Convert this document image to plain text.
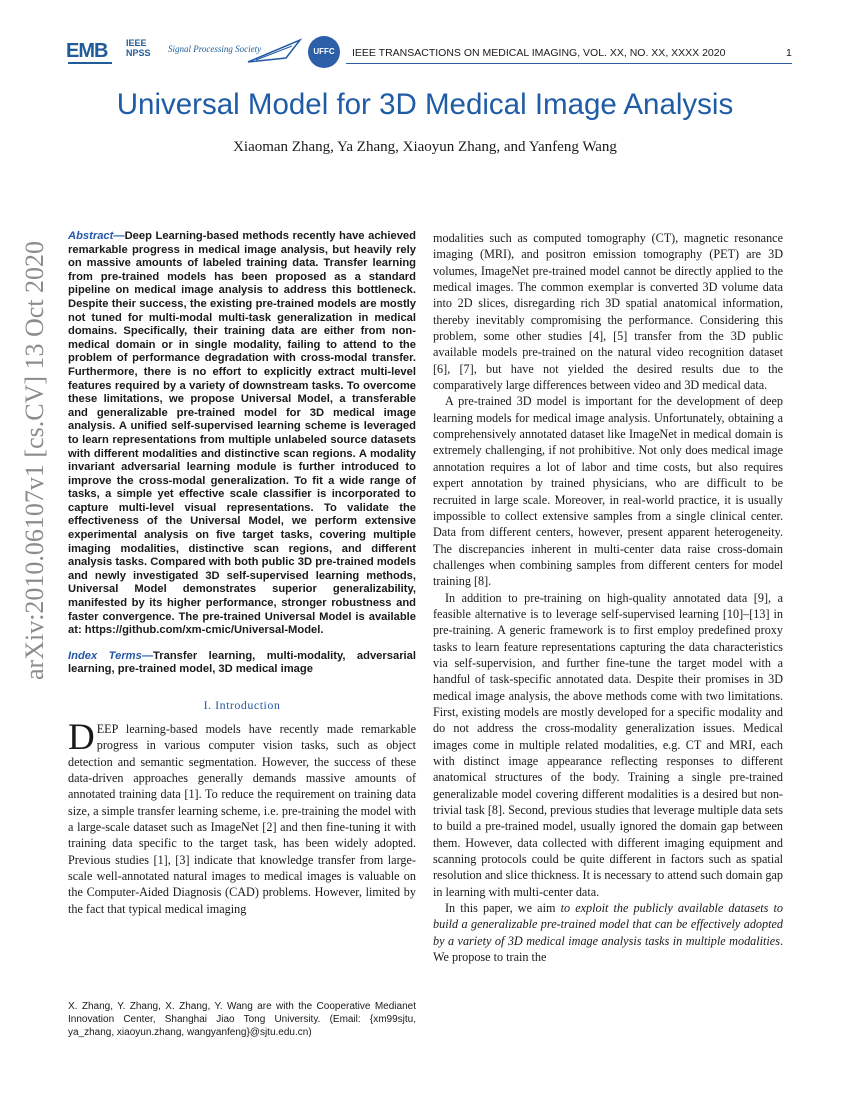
EMB IEEE
NPSS Signal Processing Society	UFFC	IEEE TRANSACTIONS ON MEDICAL IMAGING, VOL. XX, NO. XX, XXXX 2020	1
Universal Model for 3D Medical Image Analysis
Xiaoman Zhang, Ya Zhang, Xiaoyun Zhang, and Yanfeng Wang
arXiv:2010.06107v1 [cs.CV] 13 Oct 2020

Abstract—Deep Learning-based methods recently have achieved remarkable progress in medical image analysis, but heavily rely on massive amounts of labeled training data. Transfer learning from pre-trained models has been proposed as a standard pipeline on medical image analysis to address this bottleneck. Despite their success, the existing pre-trained models are mostly not tuned for multi-modal multi-task generalization in medical domains. Specifically, their training data are either from non-medical domain or in single modality, failing to attend to the problem of performance degradation with cross-modal transfer. Furthermore, there is no effort to explicitly extract multi-level features required by a variety of downstream tasks. To overcome these limitations, we propose Universal Model, a transferable and generalizable pre-trained model for 3D medical image analysis. A unified self-supervised learning scheme is leveraged to learn representations from multiple unlabeled source datasets with different modalities and distinctive scan regions. A modality invariant adversarial learning module is further introduced to improve the cross-modal generalization. To fit a wide range of tasks, a simple yet effective scale classifier is incorporated to capture multi-level visual representations. To validate the effectiveness of the Universal Model, we perform extensive experimental analysis on five target tasks, covering multiple imaging modalities, distinctive scan regions, and different analysis tasks. Compared with both public 3D pre-trained models and newly investigated 3D self-supervised learning methods, Universal Model demonstrates superior generalizability, manifested by its higher performance, stronger robustness and faster convergence. The pre-trained Universal Model is available at: https://github.com/xm-cmic/Universal-Model.

Index Terms—Transfer learning, multi-modality, adversarial learning, pre-trained model, 3D medical image

I. Introduction

DEEP learning-based models have recently made remarkable progress in various computer vision tasks, such as object detection and semantic segmentation. However, the success of these data-driven approaches generally demands massive amounts of annotated training data [1]. To reduce the requirement on training data size, a simple transfer learning scheme, i.e. pre-training the model with a large-scale dataset such as ImageNet [2] and then fine-tuning it with training data specific to the target task, has been widely adopted. Previous studies [1], [3] indicate that knowledge transfer from large-scale well-annotated natural images to medical images is valuable on the Computer-Aided Diagnosis (CAD) problems. However, limited by the fact that typical medical imaging

modalities such as computed tomography (CT), magnetic resonance imaging (MRI), and positron emission tomography (PET) are 3D volumes, ImageNet pre-trained model cannot be directly applied to the medical images. The common exemplar is converted 3D volume data into 2D slices, disregarding rich 3D spatial anatomical information, thereby inevitably compromising the performance. Considering this problem, some other studies [4], [5] transfer from the 3D public available models pre-trained on the natural video recognition dataset [6], [7], but have not yielded the desired results due to the comparatively large differences between video and 3D medical data.

A pre-trained 3D model is important for the development of deep learning models for medical image analysis. Unfortunately, obtaining a comprehensively annotated dataset like ImageNet in medical domain is extremely challenging, if not prohibitive. Not only does medical image annotation requires a lot of labor and time costs, but also requires expert annotation by trained physicians, who are difficult to be recruited in large scale. Moreover, in real-world practice, it is usually impossible to collect extensive samples from a single clinical center. Data from different centers, however, present apparent heterogeneity. The discrepancies inherent in multi-center data raise cross-domain challenges when combining samples from different centers for model training [8].

In addition to pre-training on high-quality annotated data [9], a feasible alternative is to leverage self-supervised learning [10]–[13] in pre-training. A generic framework is to first employ predefined proxy tasks to learn feature representations capturing the data characteristics via self-supervision, and further fine-tune the target model with a handful of task-specific annotated data. Despite their promises in 3D medical image analysis, the above methods come with two limitations. First, existing models are mostly developed for a specific modality and do not address the cross-modality generalization issues. Medical images come in multiple related modalities, e.g. CT and MRI, each with distinct image appearance reflecting responses to different anatomical structures of the body. Training a single pre-trained generalizable model covering different modalities is a desired but non-trivial task [8]. Second, previous studies that leverage multiple data sets to build a pre-trained model, usually ignored the domain gap between them. However, data collected with different imaging equipment and scanning protocols could be quite different in factors such as spatial resolution and slice thickness. It is necessary to attend such domain gap in learning with multi-center data.

In this paper, we aim to exploit the publicly available datasets to build a generalizable pre-trained model that can be effectively adopted by a variety of 3D medical image analysis tasks in multiple modalities. We propose to train the

X. Zhang, Y. Zhang, X. Zhang, Y. Wang are with the Cooperative Medianet Innovation Center, Shanghai Jiao Tong University. (Email: {xm99sjtu, ya_zhang, xiaoyun.zhang, wangyanfeng}@sjtu.edu.cn)
